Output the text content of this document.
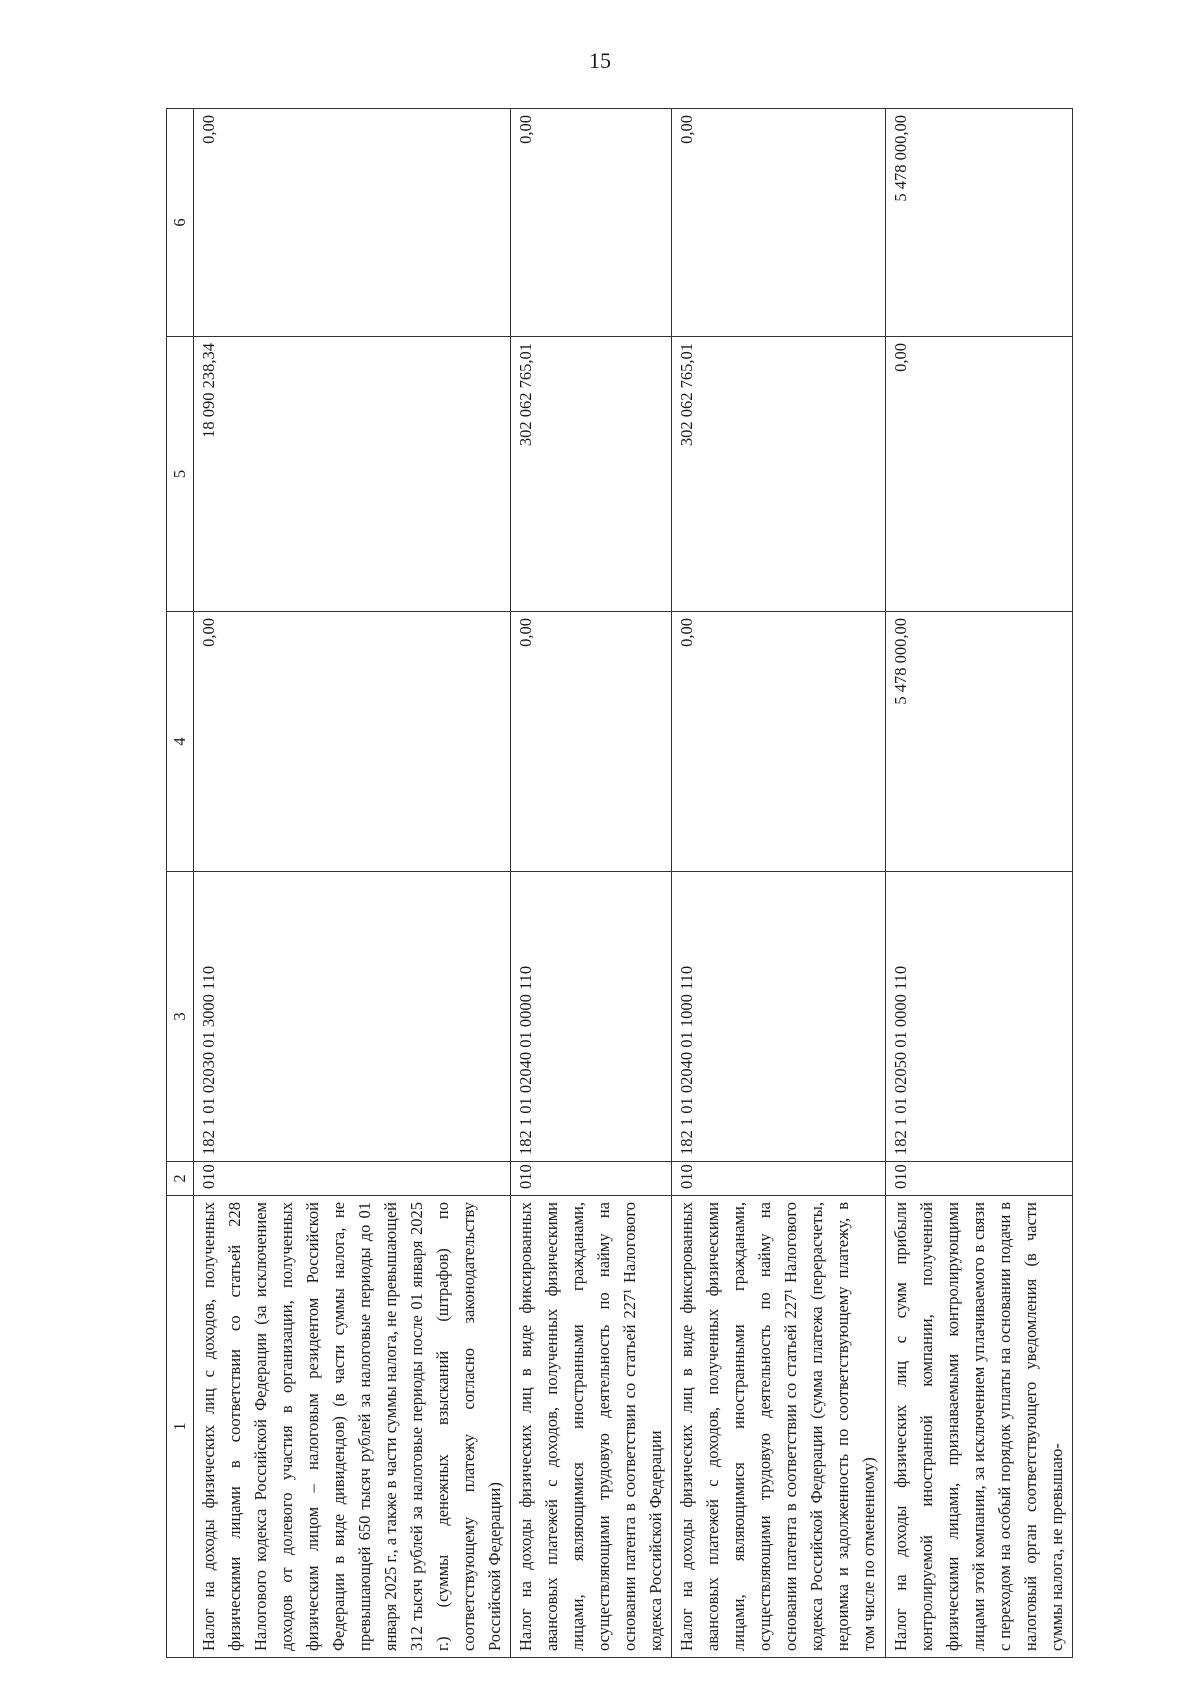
15
1	2	3	4	5	6
Налог на доходы физических лиц с доходов, полученных физическими лицами в соответствии со статьей 228 Налогового кодекса Российской Федерации (за исключением доходов от долевого участия в организации, полученных физическим лицом – налоговым резидентом Российской Федерации в виде дивидендов) (в части суммы налога, не превышающей 650 тысяч рублей за налоговые периоды до 01 января 2025 г., а также в части суммы налога, не превышающей 312 тысяч рублей за налоговые периоды после 01 января 2025 г.) (суммы денежных взысканий (штрафов) по соответствующему платежу согласно законодательству Российской Федерации)	010	182 1 01 02030 01 3000 110	0,00	18 090 238,34	0,00
Налог на доходы физических лиц в виде фиксированных авансовых платежей с доходов, полученных физическими лицами, являющимися иностранными гражданами, осуществляющими трудовую деятельность по найму на основании патента в соответствии со статьей 227¹ Налогового кодекса Российской Федерации	010	182 1 01 02040 01 0000 110	0,00	302 062 765,01	0,00
Налог на доходы физических лиц в виде фиксированных авансовых платежей с доходов, полученных физическими лицами, являющимися иностранными гражданами, осуществляющими трудовую деятельность по найму на основании патента в соответствии со статьей 227¹ Налогового кодекса Российской Федерации (сумма платежа (перерасчеты, недоимка и задолженность по соответствующему платежу, в том числе по отмененному)	010	182 1 01 02040 01 1000 110	0,00	302 062 765,01	0,00
Налог на доходы физических лиц с сумм прибыли контролируемой иностранной компании, полученной физическими лицами, признаваемыми контролирующими лицами этой компании, за исключением уплачиваемого в связи с переходом на особый порядок уплаты на основании подачи в налоговый орган соответствующего уведомления (в части суммы налога, не превышаю-	010	182 1 01 02050 01 0000 110	5 478 000,00	0,00	5 478 000,00
